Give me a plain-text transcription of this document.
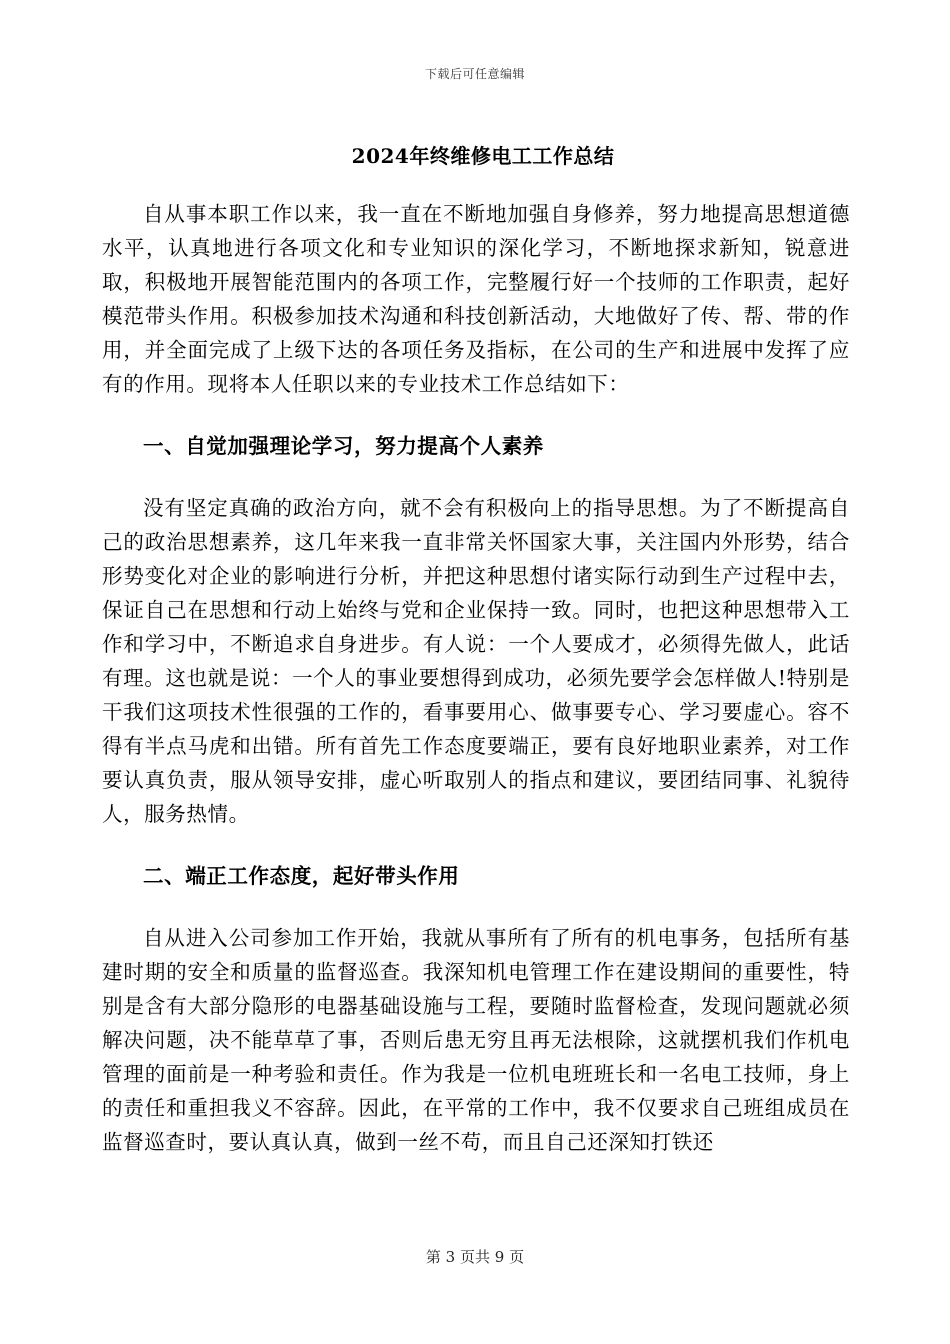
下载后可任意编辑
2024年终维修电工工作总结

自从事本职工作以来，我一直在不断地加强自身修养，努力地提高思想道德水平，认真地进行各项文化和专业知识的深化学习，不断地探求新知，锐意进取，积极地开展智能范围内的各项工作，完整履行好一个技师的工作职责，起好模范带头作用。积极参加技术沟通和科技创新活动，大地做好了传、帮、带的作用，并全面完成了上级下达的各项任务及指标，在公司的生产和进展中发挥了应有的作用。现将本人任职以来的专业技术工作总结如下：

一、自觉加强理论学习，努力提高个人素养

没有坚定真确的政治方向，就不会有积极向上的指导思想。为了不断提高自己的政治思想素养，这几年来我一直非常关怀国家大事，关注国内外形势，结合形势变化对企业的影响进行分析，并把这种思想付诸实际行动到生产过程中去，保证自己在思想和行动上始终与党和企业保持一致。同时，也把这种思想带入工作和学习中，不断追求自身进步。有人说：一个人要成才，必须得先做人，此话有理。这也就是说：一个人的事业要想得到成功，必须先要学会怎样做人!特别是干我们这项技术性很强的工作的，看事要用心、做事要专心、学习要虚心。容不得有半点马虎和出错。所有首先工作态度要端正，要有良好地职业素养，对工作要认真负责，服从领导安排，虚心听取别人的指点和建议，要团结同事、礼貌待人，服务热情。

二、端正工作态度，起好带头作用

自从进入公司参加工作开始，我就从事所有了所有的机电事务，包括所有基建时期的安全和质量的监督巡查。我深知机电管理工作在建设期间的重要性，特别是含有大部分隐形的电器基础设施与工程，要随时监督检查，发现问题就必须解决问题，决不能草草了事，否则后患无穷且再无法根除，这就摆机我们作机电管理的面前是一种考验和责任。作为我是一位机电班班长和一名电工技师，身上的责任和重担我义不容辞。因此，在平常的工作中，我不仅要求自己班组成员在监督巡查时，要认真认真，做到一丝不苟，而且自己还深知打铁还

第 3 页共 9 页
